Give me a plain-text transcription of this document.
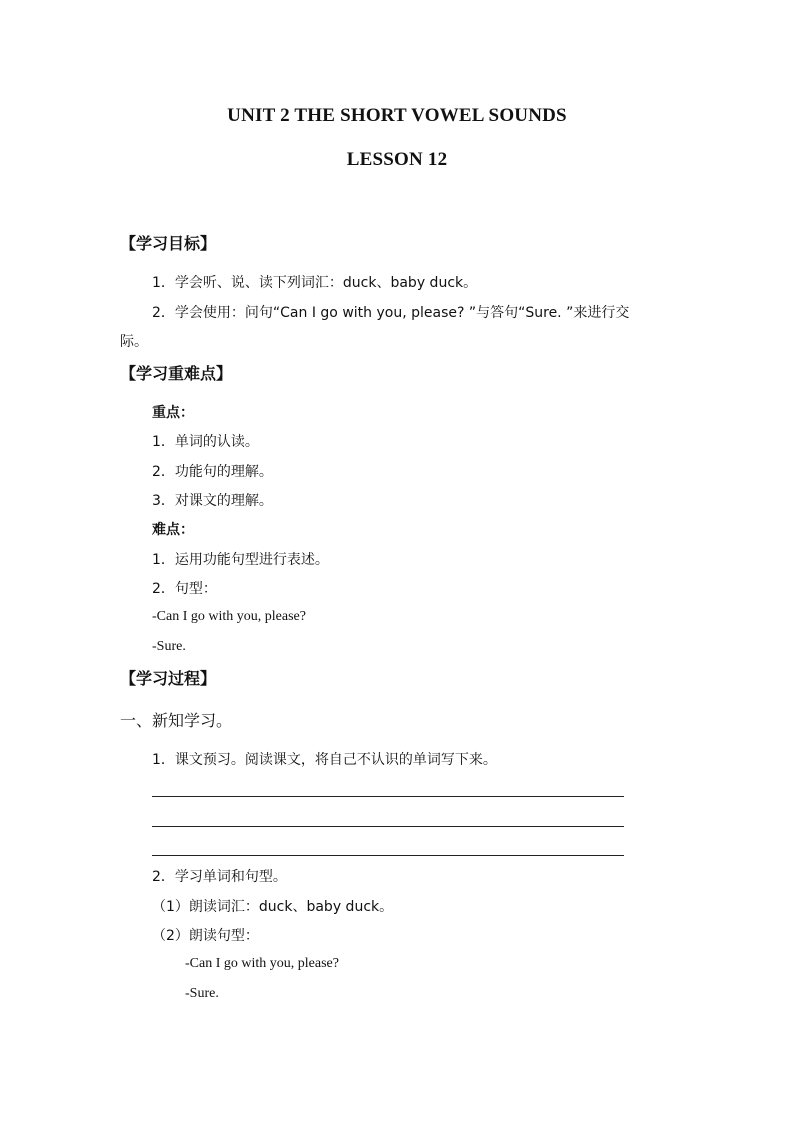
UNIT 2 THE SHORT VOWEL SOUNDS
LESSON 12
【学习目标】
1．学会听、说、读下列词汇：duck、baby duck。
2．学会使用：问句“Can I go with you, please? ”与答句“Sure. ”来进行交
际。
【学习重难点】
重点：
1．单词的认读。
2．功能句的理解。
3．对课文的理解。
难点：
1．运用功能句型进行表述。
2．句型：
-Can I go with you, please?
-Sure.
【学习过程】
一、新知学习。
1．课文预习。阅读课文，将自己不认识的单词写下来。
2．学习单词和句型。
（1）朗读词汇：duck、baby duck。
（2）朗读句型：
-Can I go with you, please?
-Sure.
